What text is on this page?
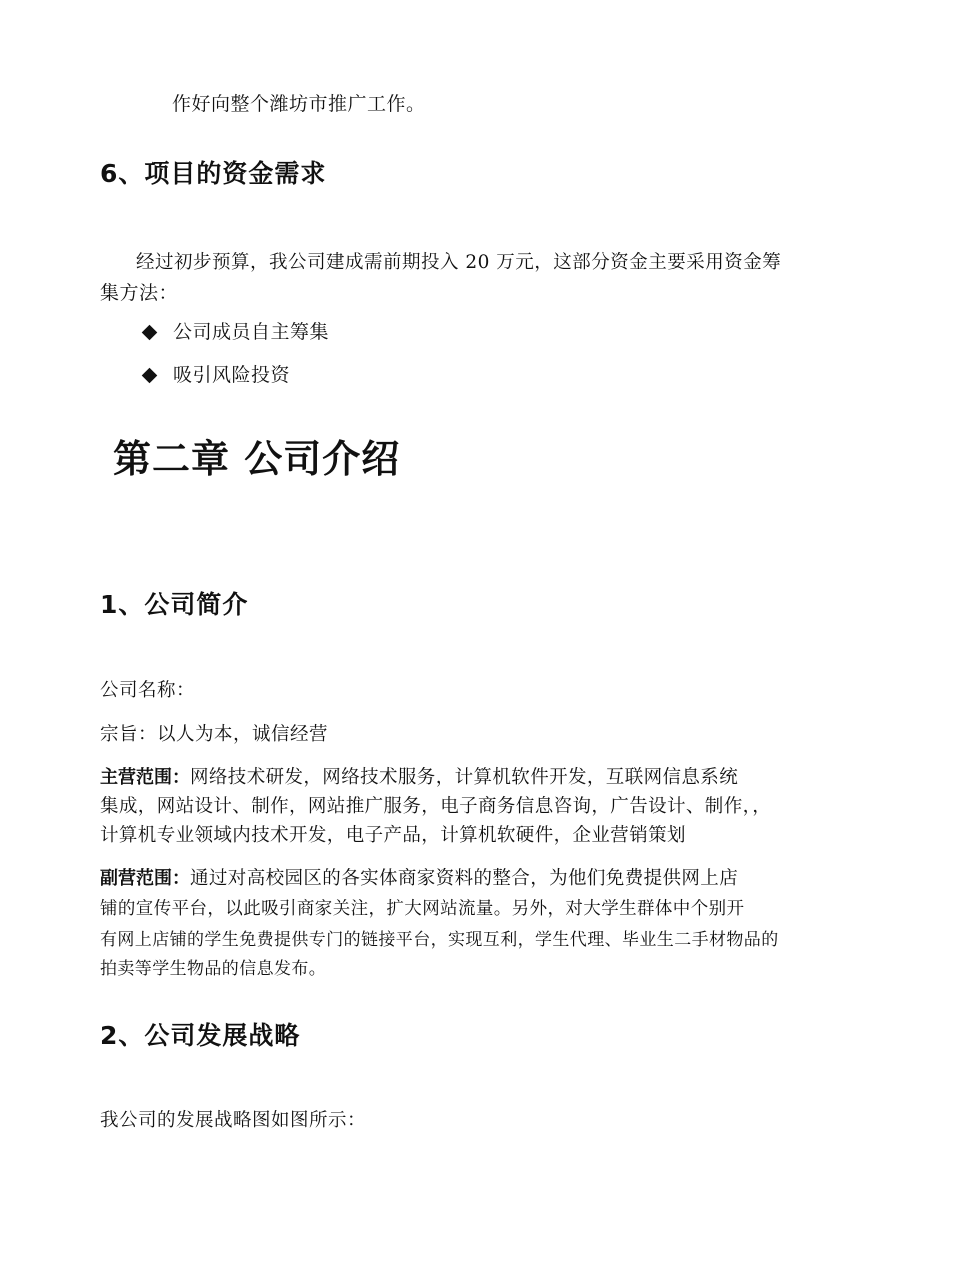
作好向整个潍坊市推广工作。
6、项目的资金需求
经过初步预算，我公司建成需前期投入 20 万元，这部分资金主要采用资金筹
集方法：
公司成员自主筹集
吸引风险投资
第二章 公司介绍
1、公司简介
公司名称：
宗旨：以人为本，诚信经营
主营范围：网络技术研发，网络技术服务，计算机软件开发，互联网信息系统
集成，网站设计、制作，网站推广服务，电子商务信息咨询，广告设计、制作，，
计算机专业领域内技术开发，电子产品，计算机软硬件，企业营销策划
副营范围：通过对高校园区的各实体商家资料的整合，为他们免费提供网上店
铺的宣传平台，以此吸引商家关注，扩大网站流量。另外，对大学生群体中个别开
有网上店铺的学生免费提供专门的链接平台，实现互利，学生代理、毕业生二手材物品的
拍卖等学生物品的信息发布。
2、公司发展战略
我公司的发展战略图如图所示：
